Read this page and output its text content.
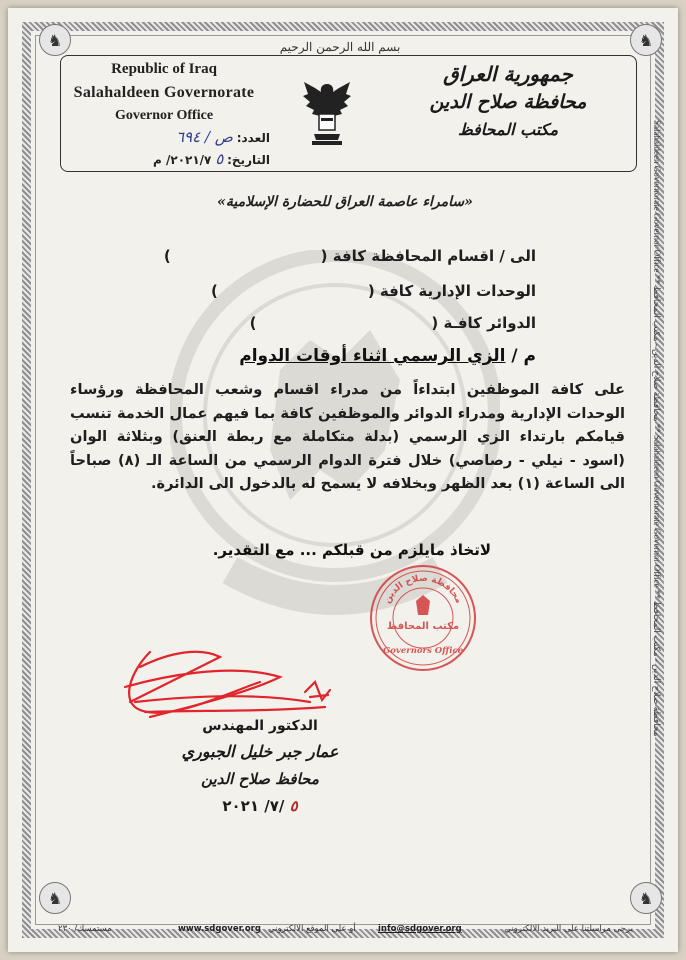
♞	♞
♞	♞
بسم الله الرحمن الرحيم
Republic of Iraq
Salahaldeen Governorate
Governor Office
العدد: ص / ٦٩٤
التاريخ: ٥ ٢٠٢١/٧/ م
جمهورية العراق
محافظة صلاح الدين
مكتب المحافظ
«سامراء عاصمة العراق للحضارة الإسلامية»
الى / اقسام المحافظة كافة ()
الوحدات الإدارية كافة ()
الدوائر كافـة ()
م / الزي الرسمي اثناء أوقات الدوام
على كافة الموظفين ابتداءاً من مدراء اقسام وشعب المحافظة ورؤساء الوحدات الإدارية ومدراء الدوائر والموظفين كافة بما فيهم عمال الخدمة تنسب قيامكم بارتداء الزي الرسمي (بدلة متكاملة مع ربطة العنق) وبثلاثة الوان (اسود - نيلي - رصاصي) خلال فترة الدوام الرسمي من الساعة الـ (٨) صباحاً الى الساعة (١) بعد الظهر وبخلافه لا يسمح له بالدخول الى الدائرة.
لاتخاذ مايلزم من قبلكم ... مع التقدير.
محافظة صلاح الدين
مكتب المحافظ
Governors Office
الدكتور المهندس
عمار جبر خليل الجبوري
محافظ صلاح الدين
٥ /٧/ ٢٠٢١
Salahaldeen Governorate Governor Office ** محافظة صلاح الدين - مكتب المحافظ ** Salahaldeen Governorate Governor Office ** محافظة صلاح الدين - مكتب المحافظ
يرجى مراسلتنا على البريد الالكتروني
info@sdgover.org
أو على الموقع الالكتروني
www.sdgover.org
مستمسك/ ٢٣٠
